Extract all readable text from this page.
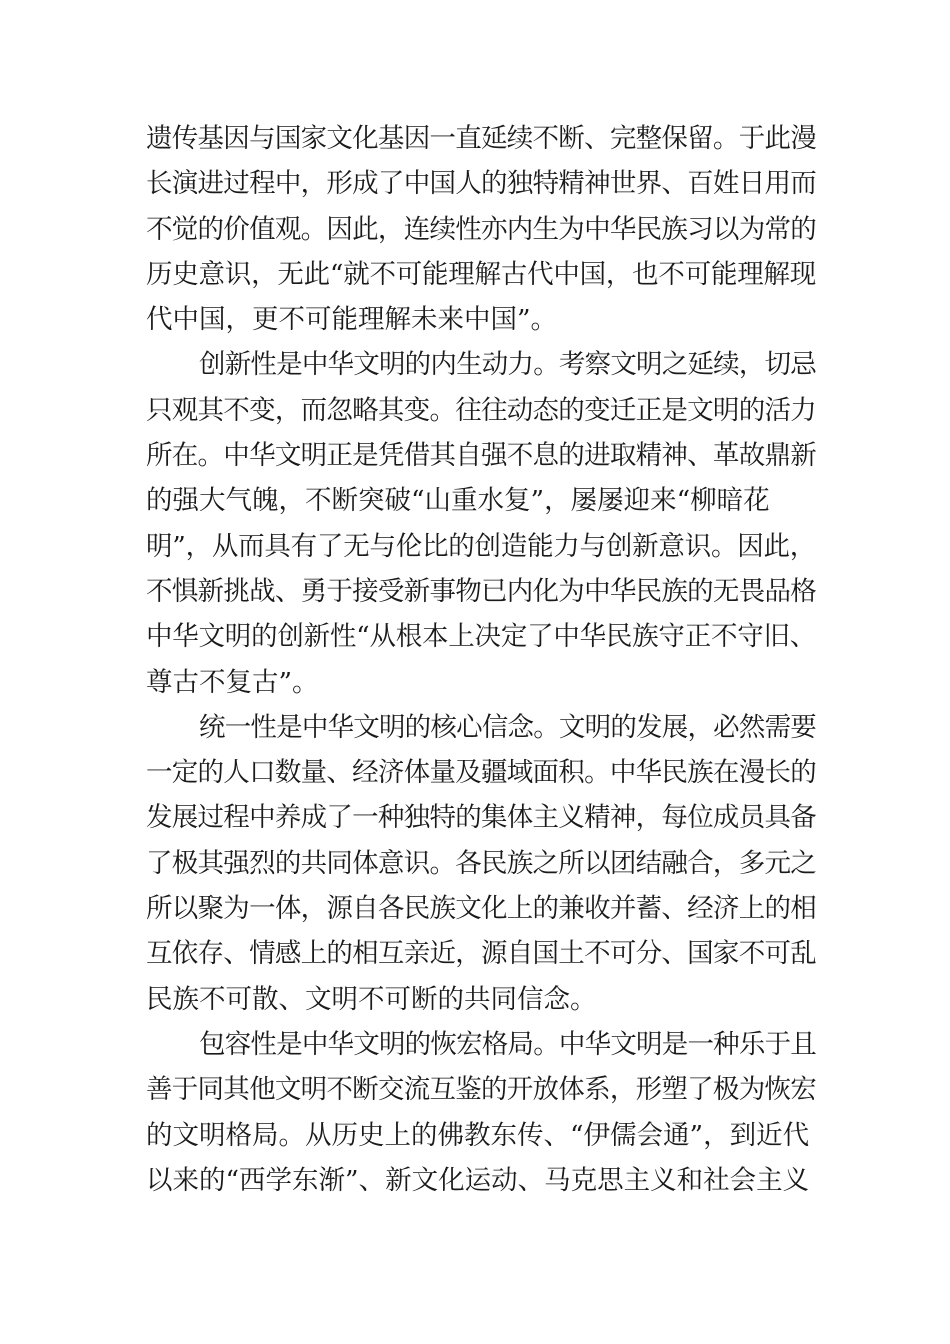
遗传基因与国家文化基因一直延续不断、完整保留。于此漫

长演进过程中，形成了中国人的独特精神世界、百姓日用而

不觉的价值观。因此，连续性亦内生为中华民族习以为常的

历史意识，无此“就不可能理解古代中国，也不可能理解现

代中国，更不可能理解未来中国”。

创新性是中华文明的内生动力。考察文明之延续，切忌

只观其不变，而忽略其变。往往动态的变迁正是文明的活力

所在。中华文明正是凭借其自强不息的进取精神、革故鼎新

的强大气魄，不断突破“山重水复”，屡屡迎来“柳暗花

明”，从而具有了无与伦比的创造能力与创新意识。因此，

不惧新挑战、勇于接受新事物已内化为中华民族的无畏品格

中华文明的创新性“从根本上决定了中华民族守正不守旧、

尊古不复古”。

统一性是中华文明的核心信念。文明的发展，必然需要

一定的人口数量、经济体量及疆域面积。中华民族在漫长的

发展过程中养成了一种独特的集体主义精神，每位成员具备

了极其强烈的共同体意识。各民族之所以团结融合，多元之

所以聚为一体，源自各民族文化上的兼收并蓄、经济上的相

互依存、情感上的相互亲近，源自国土不可分、国家不可乱

民族不可散、文明不可断的共同信念。

包容性是中华文明的恢宏格局。中华文明是一种乐于且

善于同其他文明不断交流互鉴的开放体系，形塑了极为恢宏

的文明格局。从历史上的佛教东传、“伊儒会通”，到近代

以来的“西学东渐”、新文化运动、马克思主义和社会主义
